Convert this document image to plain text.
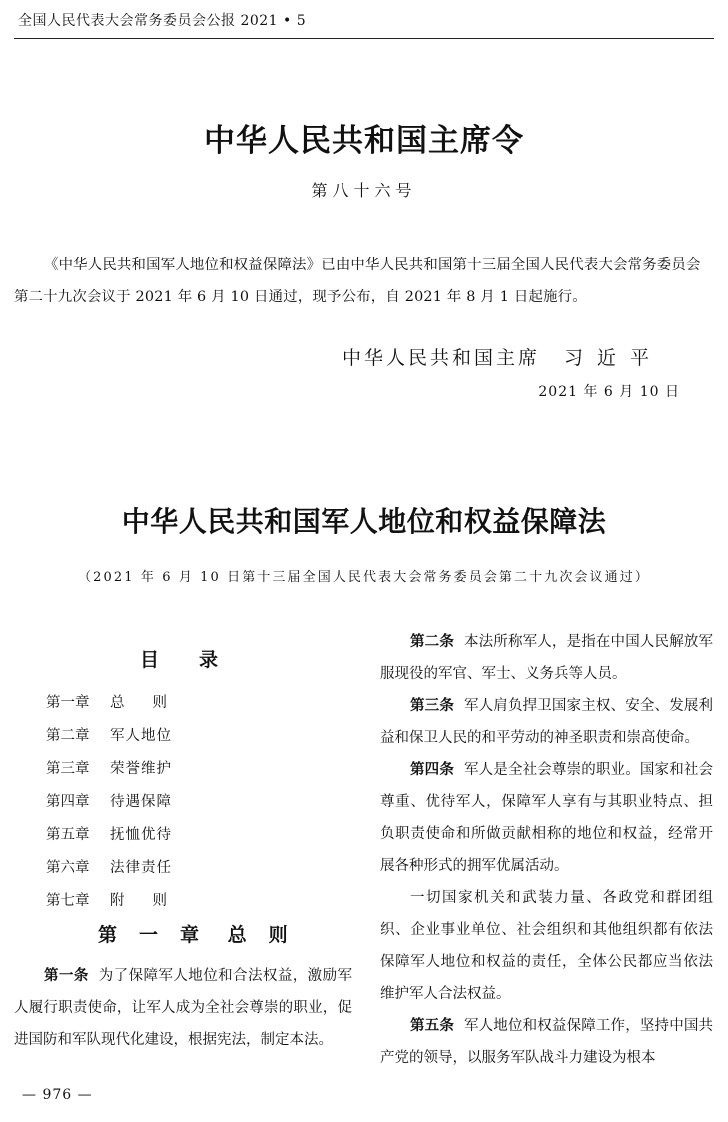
全国人民代表大会常务委员会公报 2021 • 5
中华人民共和国主席令
第八十六号

《中华人民共和国军人地位和权益保障法》已由中华人民共和国第十三届全国人民代表大会常务委员会第二十九次会议于 2021 年 6 月 10 日通过，现予公布，自 2021 年 8 月 1 日起施行。

中华人民共和国主席 习近平
2021 年 6 月 10 日
中华人民共和国军人地位和权益保障法
（2021 年 6 月 10 日第十三届全国人民代表大会常务委员会第二十九次会议通过）
目录
第一章 总则
第二章 军人地位
第三章 荣誉维护
第四章 待遇保障
第五章 抚恤优待
第六章 法律责任
第七章 附则
第一章 总则

第一条 为了保障军人地位和合法权益，激励军人履行职责使命，让军人成为全社会尊崇的职业，促进国防和军队现代化建设，根据宪法，制定本法。

第二条 本法所称军人，是指在中国人民解放军服现役的军官、军士、义务兵等人员。

第三条 军人肩负捍卫国家主权、安全、发展利益和保卫人民的和平劳动的神圣职责和崇高使命。

第四条 军人是全社会尊崇的职业。国家和社会尊重、优待军人，保障军人享有与其职业特点、担负职责使命和所做贡献相称的地位和权益，经常开展各种形式的拥军优属活动。

一切国家机关和武装力量、各政党和群团组织、企业事业单位、社会组织和其他组织都有依法保障军人地位和权益的责任，全体公民都应当依法维护军人合法权益。

第五条 军人地位和权益保障工作，坚持中国共产党的领导，以服务军队战斗力建设为根本

— 976 —
